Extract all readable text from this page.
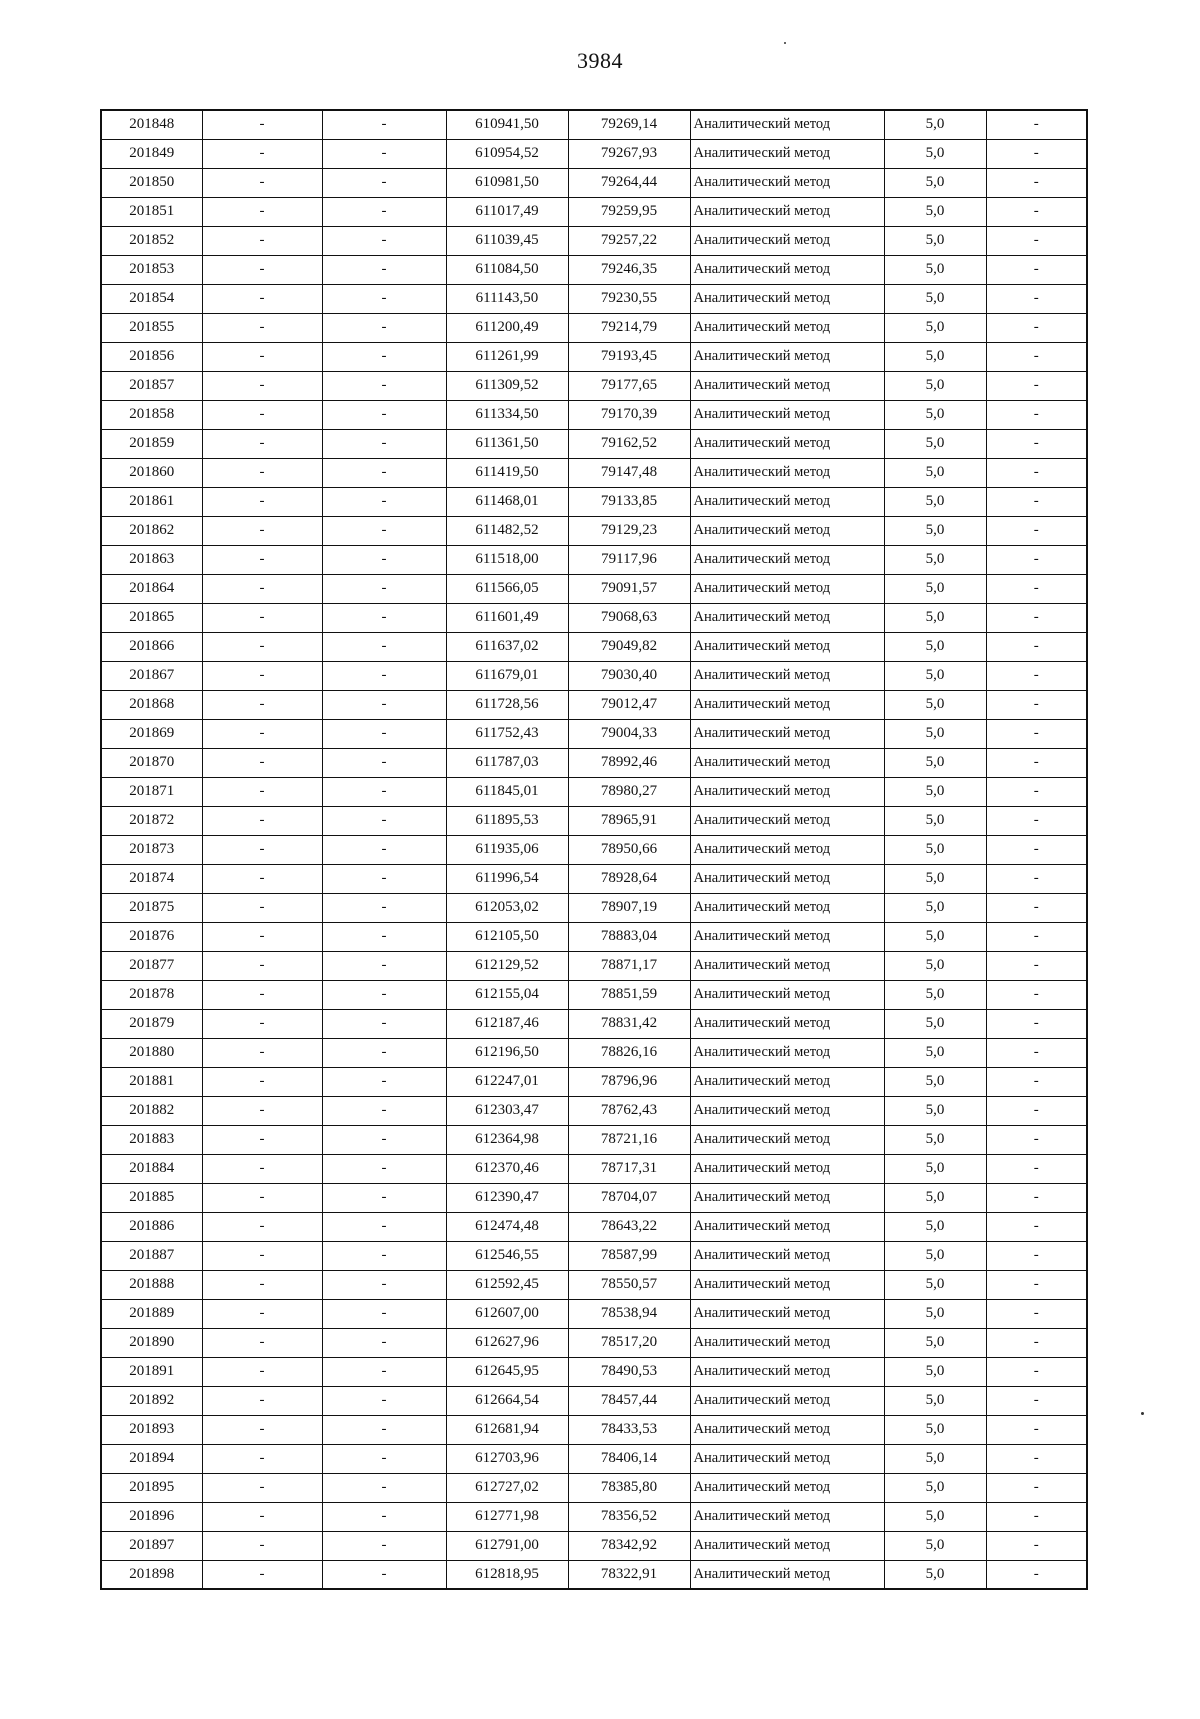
3984
201848	-	-	610941,50	79269,14	Аналитический метод	5,0	-
201849	-	-	610954,52	79267,93	Аналитический метод	5,0	-
201850	-	-	610981,50	79264,44	Аналитический метод	5,0	-
201851	-	-	611017,49	79259,95	Аналитический метод	5,0	-
201852	-	-	611039,45	79257,22	Аналитический метод	5,0	-
201853	-	-	611084,50	79246,35	Аналитический метод	5,0	-
201854	-	-	611143,50	79230,55	Аналитический метод	5,0	-
201855	-	-	611200,49	79214,79	Аналитический метод	5,0	-
201856	-	-	611261,99	79193,45	Аналитический метод	5,0	-
201857	-	-	611309,52	79177,65	Аналитический метод	5,0	-
201858	-	-	611334,50	79170,39	Аналитический метод	5,0	-
201859	-	-	611361,50	79162,52	Аналитический метод	5,0	-
201860	-	-	611419,50	79147,48	Аналитический метод	5,0	-
201861	-	-	611468,01	79133,85	Аналитический метод	5,0	-
201862	-	-	611482,52	79129,23	Аналитический метод	5,0	-
201863	-	-	611518,00	79117,96	Аналитический метод	5,0	-
201864	-	-	611566,05	79091,57	Аналитический метод	5,0	-
201865	-	-	611601,49	79068,63	Аналитический метод	5,0	-
201866	-	-	611637,02	79049,82	Аналитический метод	5,0	-
201867	-	-	611679,01	79030,40	Аналитический метод	5,0	-
201868	-	-	611728,56	79012,47	Аналитический метод	5,0	-
201869	-	-	611752,43	79004,33	Аналитический метод	5,0	-
201870	-	-	611787,03	78992,46	Аналитический метод	5,0	-
201871	-	-	611845,01	78980,27	Аналитический метод	5,0	-
201872	-	-	611895,53	78965,91	Аналитический метод	5,0	-
201873	-	-	611935,06	78950,66	Аналитический метод	5,0	-
201874	-	-	611996,54	78928,64	Аналитический метод	5,0	-
201875	-	-	612053,02	78907,19	Аналитический метод	5,0	-
201876	-	-	612105,50	78883,04	Аналитический метод	5,0	-
201877	-	-	612129,52	78871,17	Аналитический метод	5,0	-
201878	-	-	612155,04	78851,59	Аналитический метод	5,0	-
201879	-	-	612187,46	78831,42	Аналитический метод	5,0	-
201880	-	-	612196,50	78826,16	Аналитический метод	5,0	-
201881	-	-	612247,01	78796,96	Аналитический метод	5,0	-
201882	-	-	612303,47	78762,43	Аналитический метод	5,0	-
201883	-	-	612364,98	78721,16	Аналитический метод	5,0	-
201884	-	-	612370,46	78717,31	Аналитический метод	5,0	-
201885	-	-	612390,47	78704,07	Аналитический метод	5,0	-
201886	-	-	612474,48	78643,22	Аналитический метод	5,0	-
201887	-	-	612546,55	78587,99	Аналитический метод	5,0	-
201888	-	-	612592,45	78550,57	Аналитический метод	5,0	-
201889	-	-	612607,00	78538,94	Аналитический метод	5,0	-
201890	-	-	612627,96	78517,20	Аналитический метод	5,0	-
201891	-	-	612645,95	78490,53	Аналитический метод	5,0	-
201892	-	-	612664,54	78457,44	Аналитический метод	5,0	-
201893	-	-	612681,94	78433,53	Аналитический метод	5,0	-
201894	-	-	612703,96	78406,14	Аналитический метод	5,0	-
201895	-	-	612727,02	78385,80	Аналитический метод	5,0	-
201896	-	-	612771,98	78356,52	Аналитический метод	5,0	-
201897	-	-	612791,00	78342,92	Аналитический метод	5,0	-
201898	-	-	612818,95	78322,91	Аналитический метод	5,0	-
